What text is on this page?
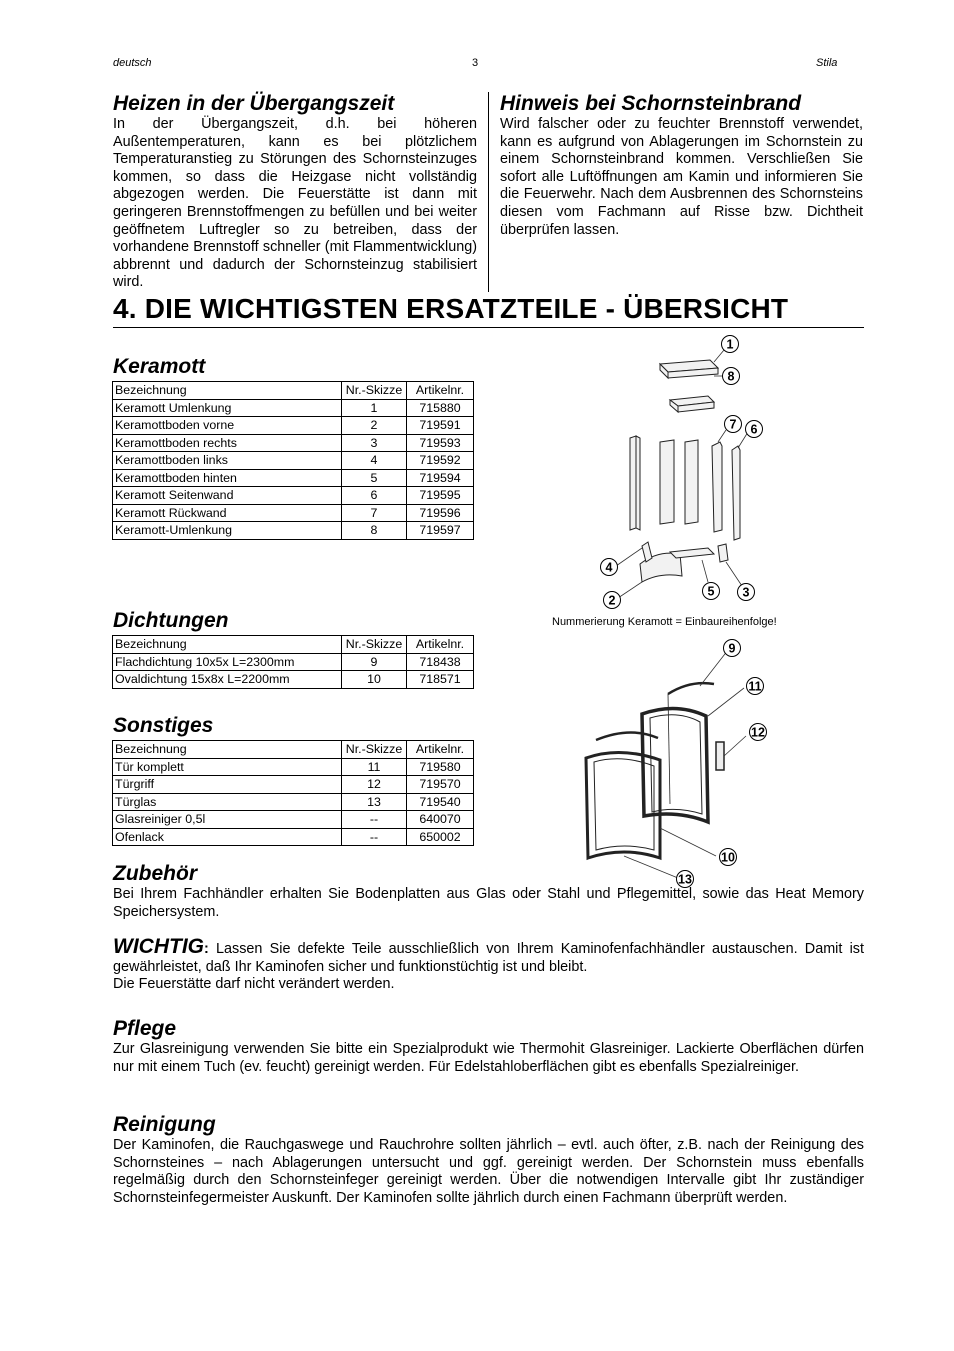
deutsch	3	Stila
Heizen in der Übergangszeit
In der Übergangszeit, d.h. bei höheren Außentemperaturen, kann es bei plötzlichem Temperaturanstieg zu Störungen des Schornsteinzuges kommen, so dass die Heizgase nicht vollständig abgezogen werden. Die Feuerstätte ist dann mit geringeren Brennstoffmengen zu befüllen und bei weiter geöffnetem Luftregler so zu betreiben, dass der vorhandene Brennstoff schneller (mit Flammentwicklung) abbrennt und dadurch der Schornsteinzug stabilisiert wird.
Hinweis bei Schornsteinbrand
Wird falscher oder zu feuchter Brennstoff verwendet, kann es aufgrund von Ablagerungen im Schornstein zu einem Schornsteinbrand kommen. Verschließen Sie sofort alle Luftöffnungen am Kamin und informieren Sie die Feuerwehr. Nach dem Ausbrennen des Schornsteins diesen vom Fachmann auf Risse bzw. Dichtheit überprüfen lassen.
4. DIE WICHTIGSTEN ERSATZTEILE - ÜBERSICHT
Keramott
Bezeichnung	Nr.-Skizze	Artikelnr.
Keramott Umlenkung	1	715880
Keramottboden vorne	2	719591
Keramottboden rechts	3	719593
Keramottboden links	4	719592
Keramottboden hinten	5	719594
Keramott Seitenwand	6	719595
Keramott Rückwand	7	719596
Keramott-Umlenkung	8	719597
Dichtungen
Bezeichnung	Nr.-Skizze	Artikelnr.
Flachdichtung 10x5x L=2300mm	9	718438
Ovaldichtung 15x8x L=2200mm	10	718571
Sonstiges
Bezeichnung	Nr.-Skizze	Artikelnr.
Tür komplett	11	719580
Türgriff	12	719570
Türglas	13	719540
Glasreiniger 0,5l	--	640070
Ofenlack	--	650002
1
8
7 6
4
5 3
2
Nummerierung Keramott = Einbaureihenfolge!
9
11
12
10
13
Zubehör
Bei Ihrem Fachhändler erhalten Sie Bodenplatten aus Glas oder Stahl und Pflegemittel, sowie das Heat Memory Speichersystem.
WICHTIG: Lassen Sie defekte Teile ausschließlich von Ihrem Kaminofenfachhändler austauschen. Damit ist gewährleistet, daß Ihr Kaminofen sicher und funktionstüchtig ist und bleibt.
Die Feuerstätte darf nicht verändert werden.
Pflege
Zur Glasreinigung verwenden Sie bitte ein Spezialprodukt wie Thermohit Glasreiniger. Lackierte Oberflächen dürfen nur mit einem Tuch (ev. feucht) gereinigt werden. Für Edelstahloberflächen gibt es ebenfalls Spezialreiniger.
Reinigung
Der Kaminofen, die Rauchgaswege und Rauchrohre sollten jährlich – evtl. auch öfter, z.B. nach der Reinigung des Schornsteines – nach Ablagerungen untersucht und ggf. gereinigt werden. Der Schornstein muss ebenfalls regelmäßig durch den Schornsteinfeger gereinigt werden. Über die notwendigen Intervalle gibt Ihr zuständiger Schornsteinfegermeister Auskunft. Der Kaminofen sollte jährlich durch einen Fachmann überprüft werden.
